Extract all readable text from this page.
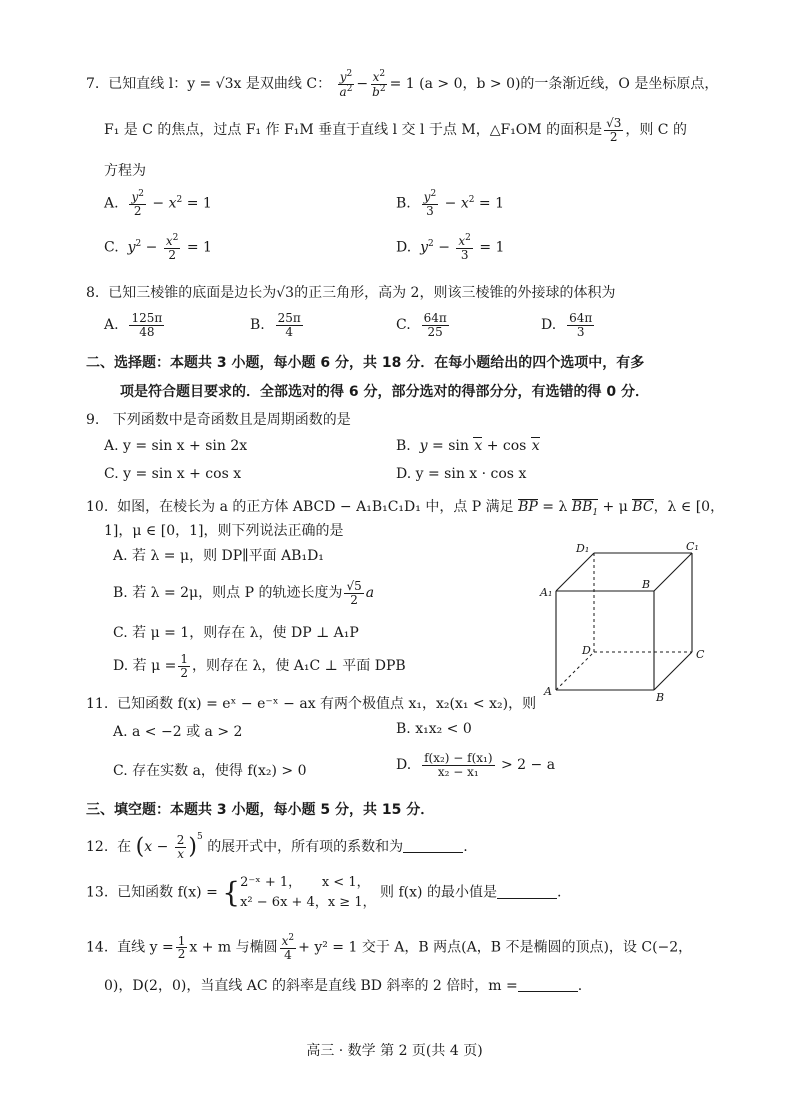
7. 已知直线 l：y = √3x 是双曲线 C： $\frac{y^2}{a^2} - \frac{x^2}{b^2} = 1$ (a > 0，b > 0)的一条渐近线，O 是坐标原点，
F₁ 是 C 的焦点，过点 F₁ 作 F₁M 垂直于直线 l 交 l 于点 M，△F₁OM 的面积是 $\frac{√3}{2}$ ，则 C 的
方程为
A. $\frac{y^2}{2} - x^2 = 1$	B. $\frac{y^2}{3} - x^2 = 1$
C. $y^2 - \frac{x^2}{2} = 1$	D. $y^2 - \frac{x^2}{3} = 1$
8. 已知三棱锥的底面是边长为√3的正三角形，高为 2，则该三棱锥的外接球的体积为
A. $\frac{125\pi}{48}$	B. $\frac{25\pi}{4}$	C. $\frac{64\pi}{25}$	D. $\frac{64\pi}{3}$
二、选择题：本题共 3 小题，每小题 6 分，共 18 分．在每小题给出的四个选项中，有多
项是符合题目要求的．全部选对的得 6 分，部分选对的得部分分，有选错的得 0 分．
9. 下列函数中是奇函数且是周期函数的是
A. y = sin x + sin 2x	B. y = sin x + cos x
C. y = sin x + cos x	D. y = sin x · cos x
10. 如图，在棱长为 a 的正方体 ABCD − A₁B₁C₁D₁ 中，点 P 满足 BP = λ $BB_1 + \mu$ BC，λ ∈ [0，
1]，μ ∈ [0，1]，则下列说法正确的是
A. 若 λ = μ，则 DP∥平面 AB₁D₁
B. 若 λ = 2μ，则点 P 的轨迹长度为 $\frac{√5}{2}$ a
C. 若 μ = 1，则存在 λ，使 DP ⊥ A₁P
D. 若 $\mu = \frac{1}{2}$ ，则存在 λ，使 A₁C ⊥ 平面 DPB
D₁	C₁
A₁
B
D	C
A	B
11. 已知函数 f(x) = eˣ − e⁻ˣ − ax 有两个极值点 x₁，x₂(x₁ < x₂)，则
A. a < −2 或 a > 2	B. x₁x₂ < 0
C. 存在实数 a，使得 f(x₂) > 0	D. $\frac{\text{f(x₂) − f(x₁)}}{\text{x₂ − x₁}} > 2 - a$
三、填空题：本题共 3 小题，每小题 5 分，共 15 分．
12. 在 $(x - \frac{2}{x} )^5$ 的展开式中，所有项的系数和为	.
13. 已知函数 f(x) = { 2⁻ˣ + 1， x < 1，
x² − 6x + 4，x ≥ 1，
则 f(x) 的最小值是	.
14. 直线 $y = \frac{1}{2}$ x + m 与椭圆 $\frac{x^2}{4} + y^2 = 1$ 交于 A，B 两点(A，B 不是椭圆的顶点)，设 C(−2，
0)，D(2，0)，当直线 AC 的斜率是直线 BD 斜率的 2 倍时，m =	.
高三 · 数学 第 2 页(共 4 页)
